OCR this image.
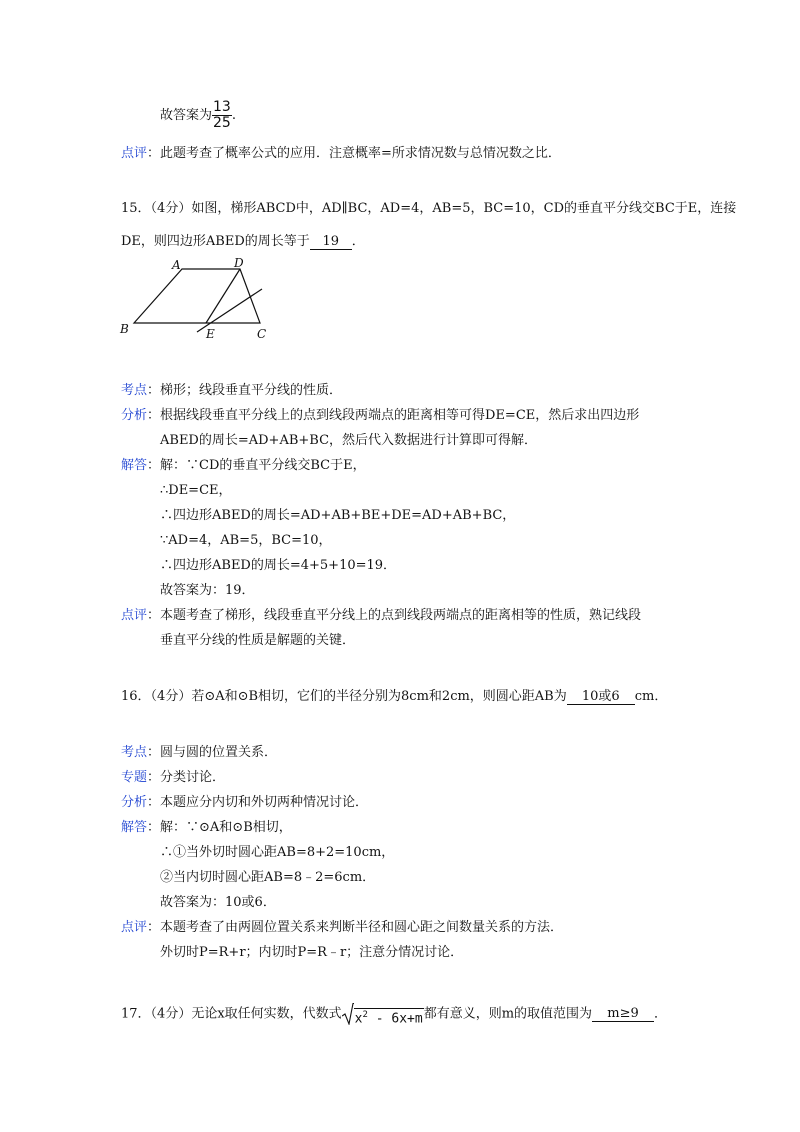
故答案为 $\frac{13}{25}$ .
点评：此题考查了概率公式的应用．注意概率=所求情况数与总情况数之比．
15．（4分）如图，梯形ABCD中，AD∥BC，AD=4，AB=5，BC=10，CD的垂直平分线交BC于E，连接
DE，则四边形ABED的周长等于 19 ．
A	D
B	E	C
考点：梯形；线段垂直平分线的性质．
分析：根据线段垂直平分线上的点到线段两端点的距离相等可得DE=CE，然后求出四边形
ABED的周长=AD+AB+BC，然后代入数据进行计算即可得解．
解答：解：∵CD的垂直平分线交BC于E，
∴DE=CE，
∴四边形ABED的周长=AD+AB+BE+DE=AD+AB+BC，
∵AD=4，AB=5，BC=10，
∴四边形ABED的周长=4+5+10=19．
故答案为：19．
点评：本题考查了梯形，线段垂直平分线上的点到线段两端点的距离相等的性质，熟记线段
垂直平分线的性质是解题的关键．
16．（4分）若⊙A和⊙B相切，它们的半径分别为8cm和2cm，则圆心距AB为 10或6 cm．
考点：圆与圆的位置关系．
专题：分类讨论．
分析：本题应分内切和外切两种情况讨论．
解答：解：∵⊙A和⊙B相切，
∴①当外切时圆心距AB=8+2=10cm，
②当内切时圆心距AB=8﹣2=6cm．
故答案为：10或6．
点评：本题考查了由两圆位置关系来判断半径和圆心距之间数量关系的方法．
外切时P=R+r；内切时P=R﹣r；注意分情况讨论．
17．（4分）无论x取任何实数，代数式 $x^2 - 6x+m$都有意义，则m的取值范围为 m≥9 ．
